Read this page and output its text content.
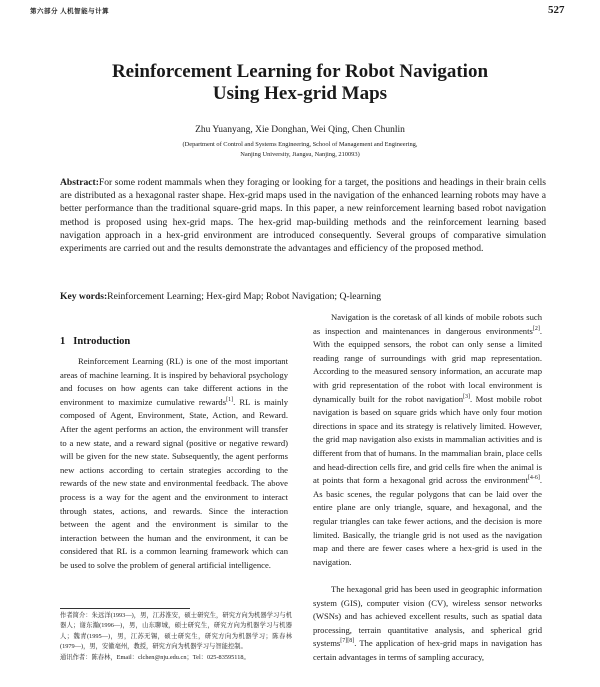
第六部分 人机智能与计算	527
Reinforcement Learning for Robot Navigation
Using Hex-grid Maps
Zhu Yuanyang, Xie Donghan, Wei Qing, Chen Chunlin
(Department of Control and Systems Engineering, School of Management and Engineering,
Nanjing University, Jiangsu, Nanjing, 210093)

Abstract:For some rodent mammals when they foraging or looking for a target, the positions and headings in their brain cells are distributed as a hexagonal raster shape. Hex-grid maps used in the navigation of the enhanced learning robots may have a better performance than the traditional square-grid maps. In this paper, a new reinforcement learning based robot navigation method is proposed using hex-grid maps. The hex-grid map-building methods and the reinforcement learning based navigation approach in a hex-grid environment are introduced consequently. Several groups of comparative simulation experiments are carried out and the results demonstrate the advantages and efficiency of the proposed method.

Key words:Reinforcement Learning; Hex-gird Map; Robot Navigation; Q-learning

1 Introduction

Reinforcement Learning (RL) is one of the most important areas of machine learning. It is inspired by behavioral psychology and focuses on how agents can take different actions in the environment to maximize cumulative rewards[1]. RL is mainly composed of Agent, Environment, State, Action, and Reward. After the agent performs an action, the environment will transfer to a new state, and a reward signal (positive or negative reward) will be given for the new state. Subsequently, the agent performs new actions according to certain strategies according to the rewards of the new state and environmental feedback. The above process is a way for the agent and the environment to interact through states, actions, and rewards. Since the interaction between the agent and the environment is similar to the interaction between the human and the environment, it can be considered that RL is a common learning framework which can be used to solve the problem of general artificial intelligence.

作者简介：朱远洋(1993—)，男，江苏淮安，硕士研究生，研究方向为机器学习与机器人；谢东瀚(1996—)，男，山东聊城，硕士研究生，研究方向为机器学习与机器人；魏青(1995—)，男，江苏无锡，硕士研究生，研究方向为机器学习；陈春林(1979—)，男，安徽亳州，教授，研究方向为机器学习与智能控制。
通讯作者：陈春林，Email：clchen@nju.edu.cn；Tel：025-83595118。

Navigation is the coretask of all kinds of mobile robots such as inspection and maintenances in dangerous environments[2]. With the equipped sensors, the robot can only sense a limited reading range of surroundings with grid map representation. According to the measured sensory information, an accurate map with grid representation of the robot with local environment is dynamically built for the robot navigation[3]. Most mobile robot navigation is based on square grids which have only four motion directions in space and its strategy is relatively limited. However, the grid map navigation also exists in mammalian activities and is different from that of humans. In the mammalian brain, place cells and head-direction cells fire, and grid cells fire when the animal is at points that form a hexagonal grid across the environment[4-6]. As basic scenes, the regular polygons that can be laid over the entire plane are only triangle, square, and hexagonal, and the regular triangles can take fewer actions, and the decision is more limited. Basically, the triangle grid is not used as the navigation map and there are fewer cases where a hex-grid is used in the navigation.

The hexagonal grid has been used in geographic information system (GIS), computer vision (CV), wireless sensor networks (WSNs) and has achieved excellent results, such as spatial data processing, terrain quantitative analysis, and spherical grid systems[7][8]. The application of hex-grid maps in navigation has certain advantages in terms of sampling accuracy,
